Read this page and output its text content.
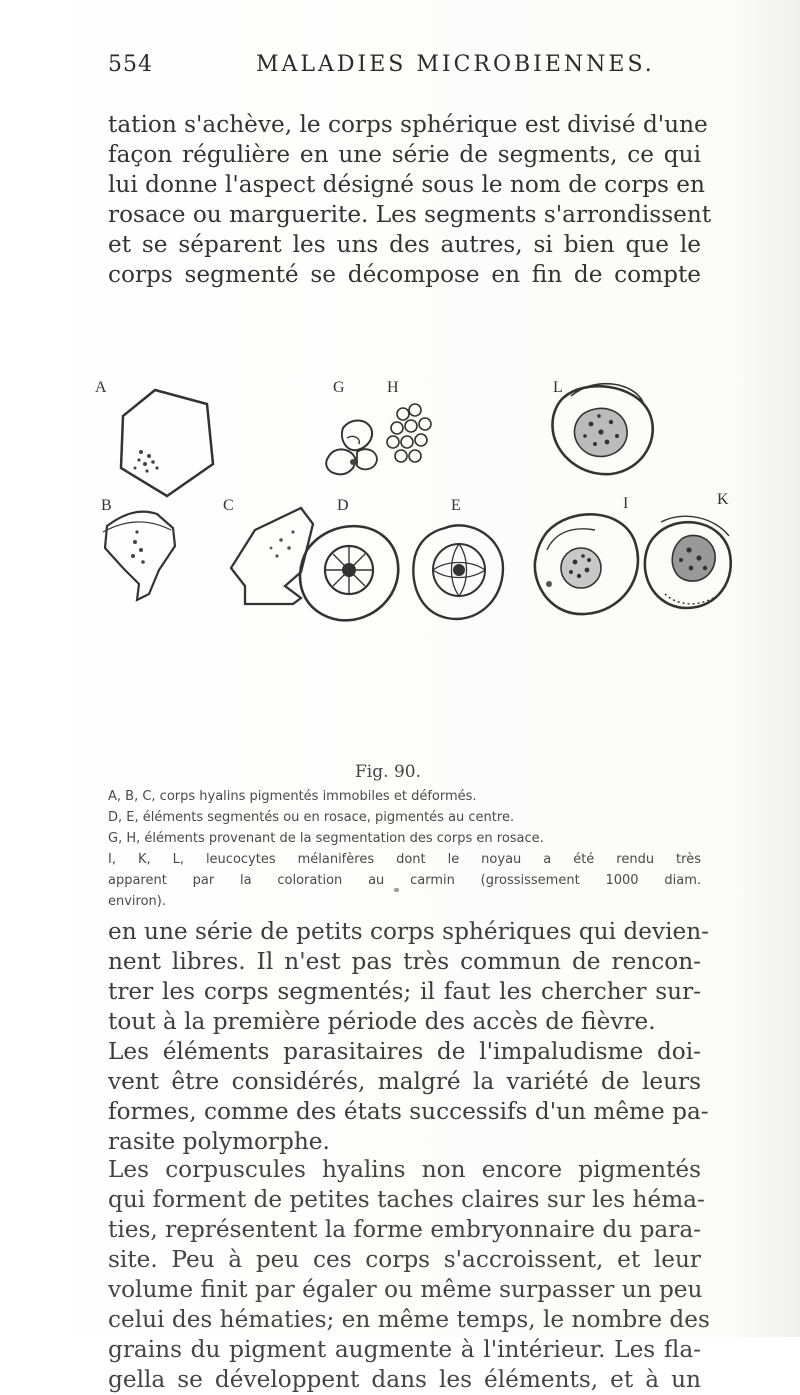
554	MALADIES MICROBIENNES.

tation s'achève, le corps sphérique est divisé d'une
façon régulière en une série de segments, ce qui
lui donne l'aspect désigné sous le nom de corps en
rosace ou marguerite. Les segments s'arrondissent
et se séparent les uns des autres, si bien que le
corps segmenté se décompose en fin de compte

A
B	C
G	H
D	E
L
I	K
Fig. 90.

A, B, C, corps hyalins pigmentés immobiles et déformés.
D, E, éléments segmentés ou en rosace, pigmentés au centre.
G, H, éléments provenant de la segmentation des corps en rosace.
I, K, L, leucocytes mélanifères dont le noyau a été rendu très
apparent par la coloration au carmin (grossissement 1000 diam.
environ).

en une série de petits corps sphériques qui devien-
nent libres. Il n'est pas très commun de rencon-
trer les corps segmentés; il faut les chercher sur-
tout à la première période des accès de fièvre.

Les éléments parasitaires de l'impaludisme doi-
vent être considérés, malgré la variété de leurs
formes, comme des états successifs d'un même pa-
rasite polymorphe.

Les corpuscules hyalins non encore pigmentés
qui forment de petites taches claires sur les héma-
ties, représentent la forme embryonnaire du para-
site. Peu à peu ces corps s'accroissent, et leur
volume finit par égaler ou même surpasser un peu
celui des hématies; en même temps, le nombre des
grains du pigment augmente à l'intérieur. Les fla-
gella se développent dans les éléments, et à un
